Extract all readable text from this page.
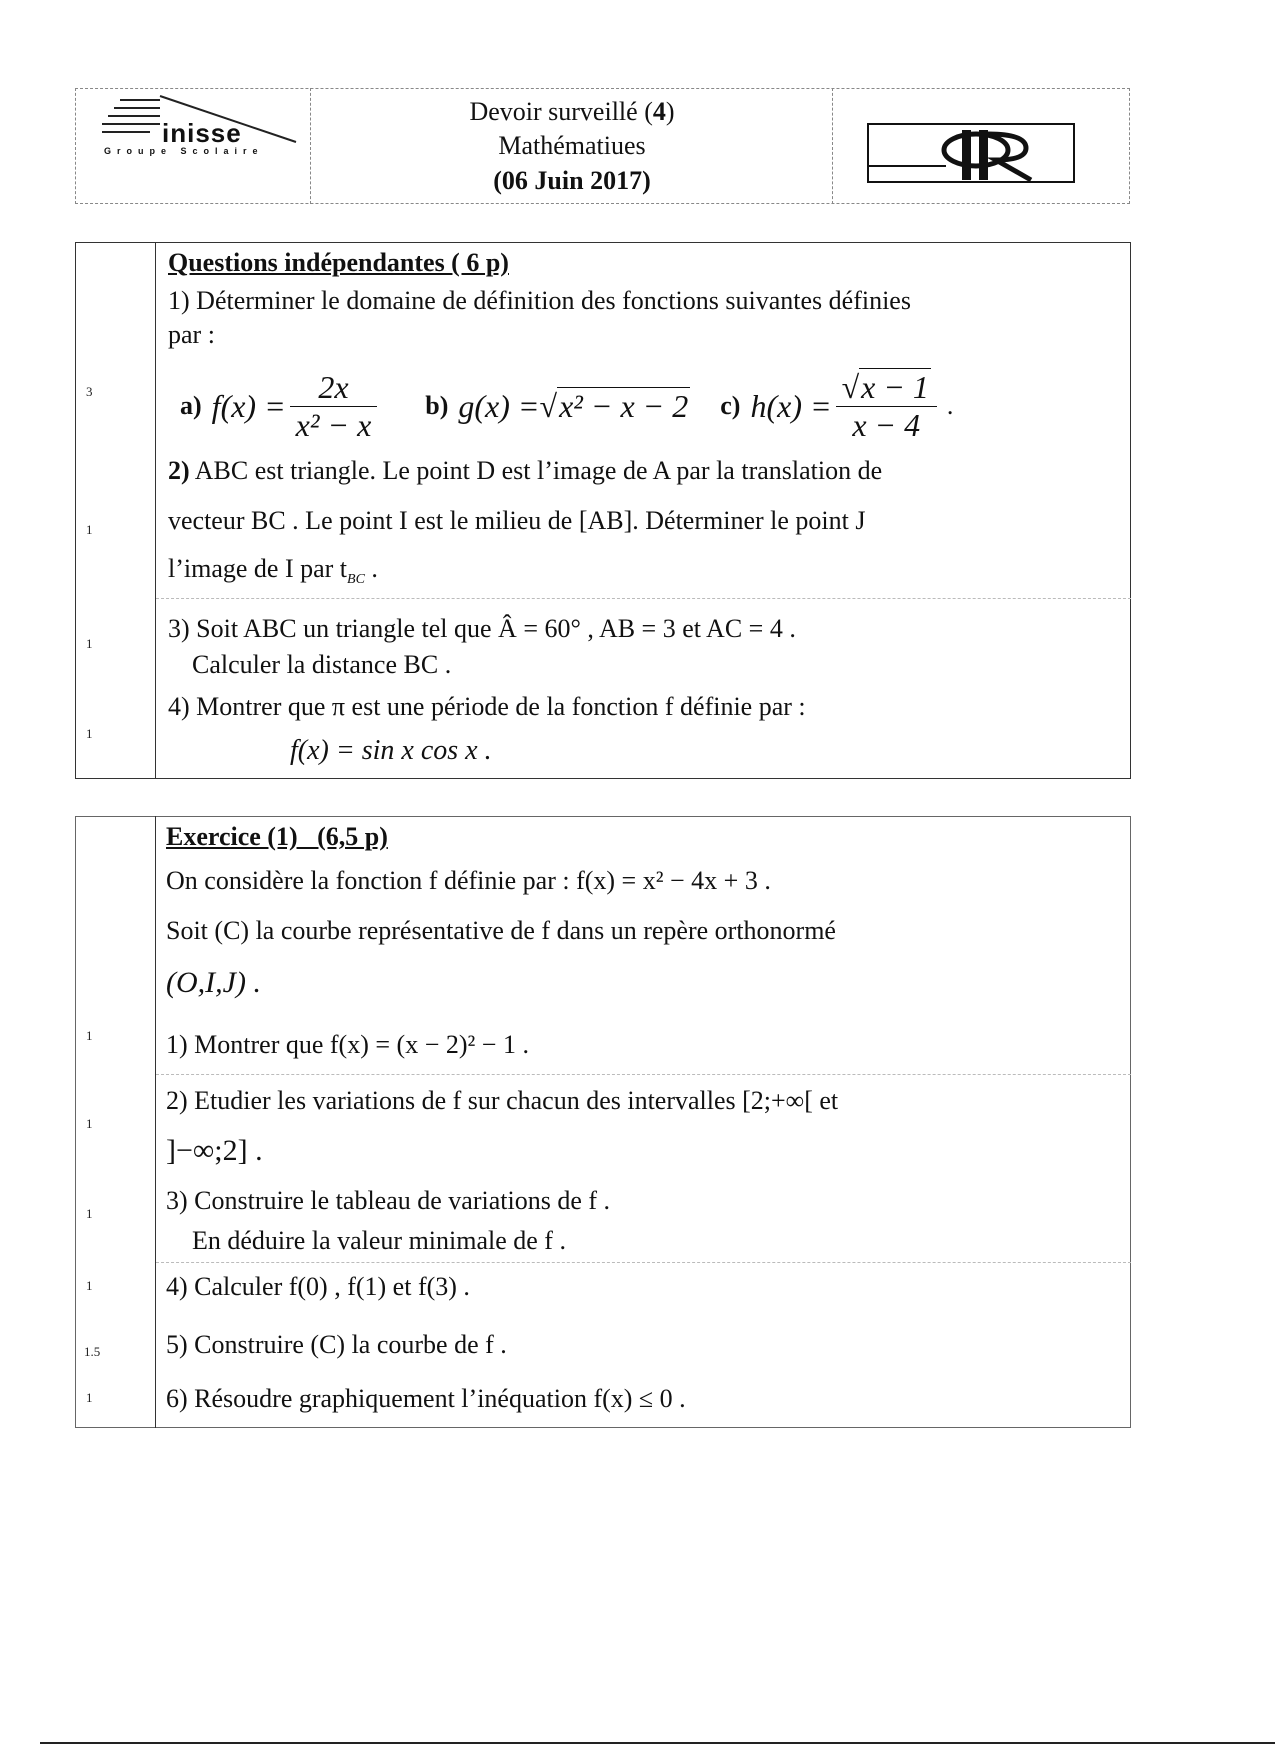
inisse
Groupe Scolaire
Devoir surveillé (4)
Mathématiues
(06 Juin 2017)
Questions indépendantes ( 6 p)
1) Déterminer le domaine de définition des fonctions suivantes définies
par :
a) $f(x) = \frac{2x}{\text{x² − x}} b$) g(x) = √ x² − x − 2 c) $h(x) = \frac{√x - 1}{x - 4}$ .
2) ABC est triangle. Le point D est l’image de A par la translation de
vecteur BC . Le point I est le milieu de [AB]. Déterminer le point J
l’image de I par $t_{BC}$ .
3) Soit ABC un triangle tel que Â = 60° , AB = 3 et AC = 4 .
Calculer la distance BC .
4) Montrer que π est une période de la fonction f définie par :
f(x) = sin x cos x .
3
1
1
1
Exercice (1)   (6,5 p)
On considère la fonction f définie par : f(x) = x² − 4x + 3 .
Soit (C) la courbe représentative de f dans un repère orthonormé
(O,I,J) .
1) Montrer que f(x) = (x − 2)² − 1 .
2) Etudier les variations de f sur chacun des intervalles [2;+∞[ et
]−∞;2] .
3) Construire le tableau de variations de f .
En déduire la valeur minimale de f .
4) Calculer f(0) , f(1) et f(3) .
5) Construire (C) la courbe de f .
6) Résoudre graphiquement l’inéquation f(x) ≤ 0 .
1
1
1
1
1.5
1
